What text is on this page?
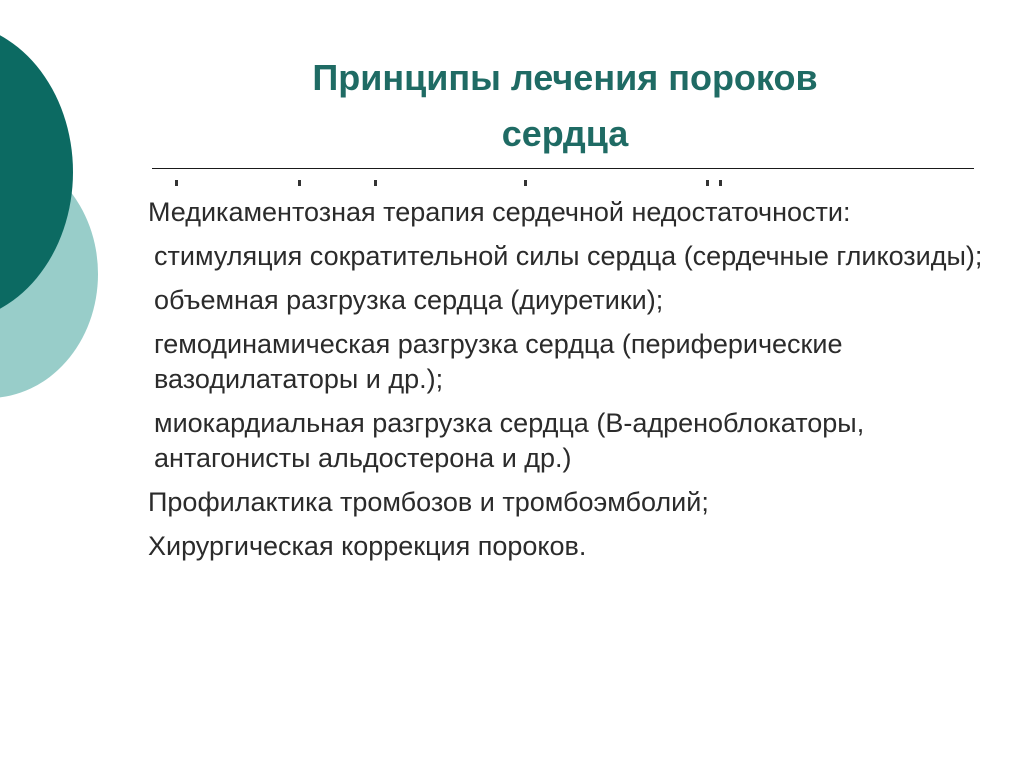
Принципы лечения пороков
сердца
Медикаментозная терапия сердечной недостаточности:
стимуляция сократительной силы сердца (сердечные гликозиды);
объемная разгрузка сердца (диуретики);
гемодинамическая разгрузка сердца (периферические вазодилататоры и др.);
миокардиальная разгрузка сердца (В-адреноблокаторы, антагонисты альдостерона и др.)
Профилактика тромбозов и тромбоэмболий;
Хирургическая коррекция пороков.
